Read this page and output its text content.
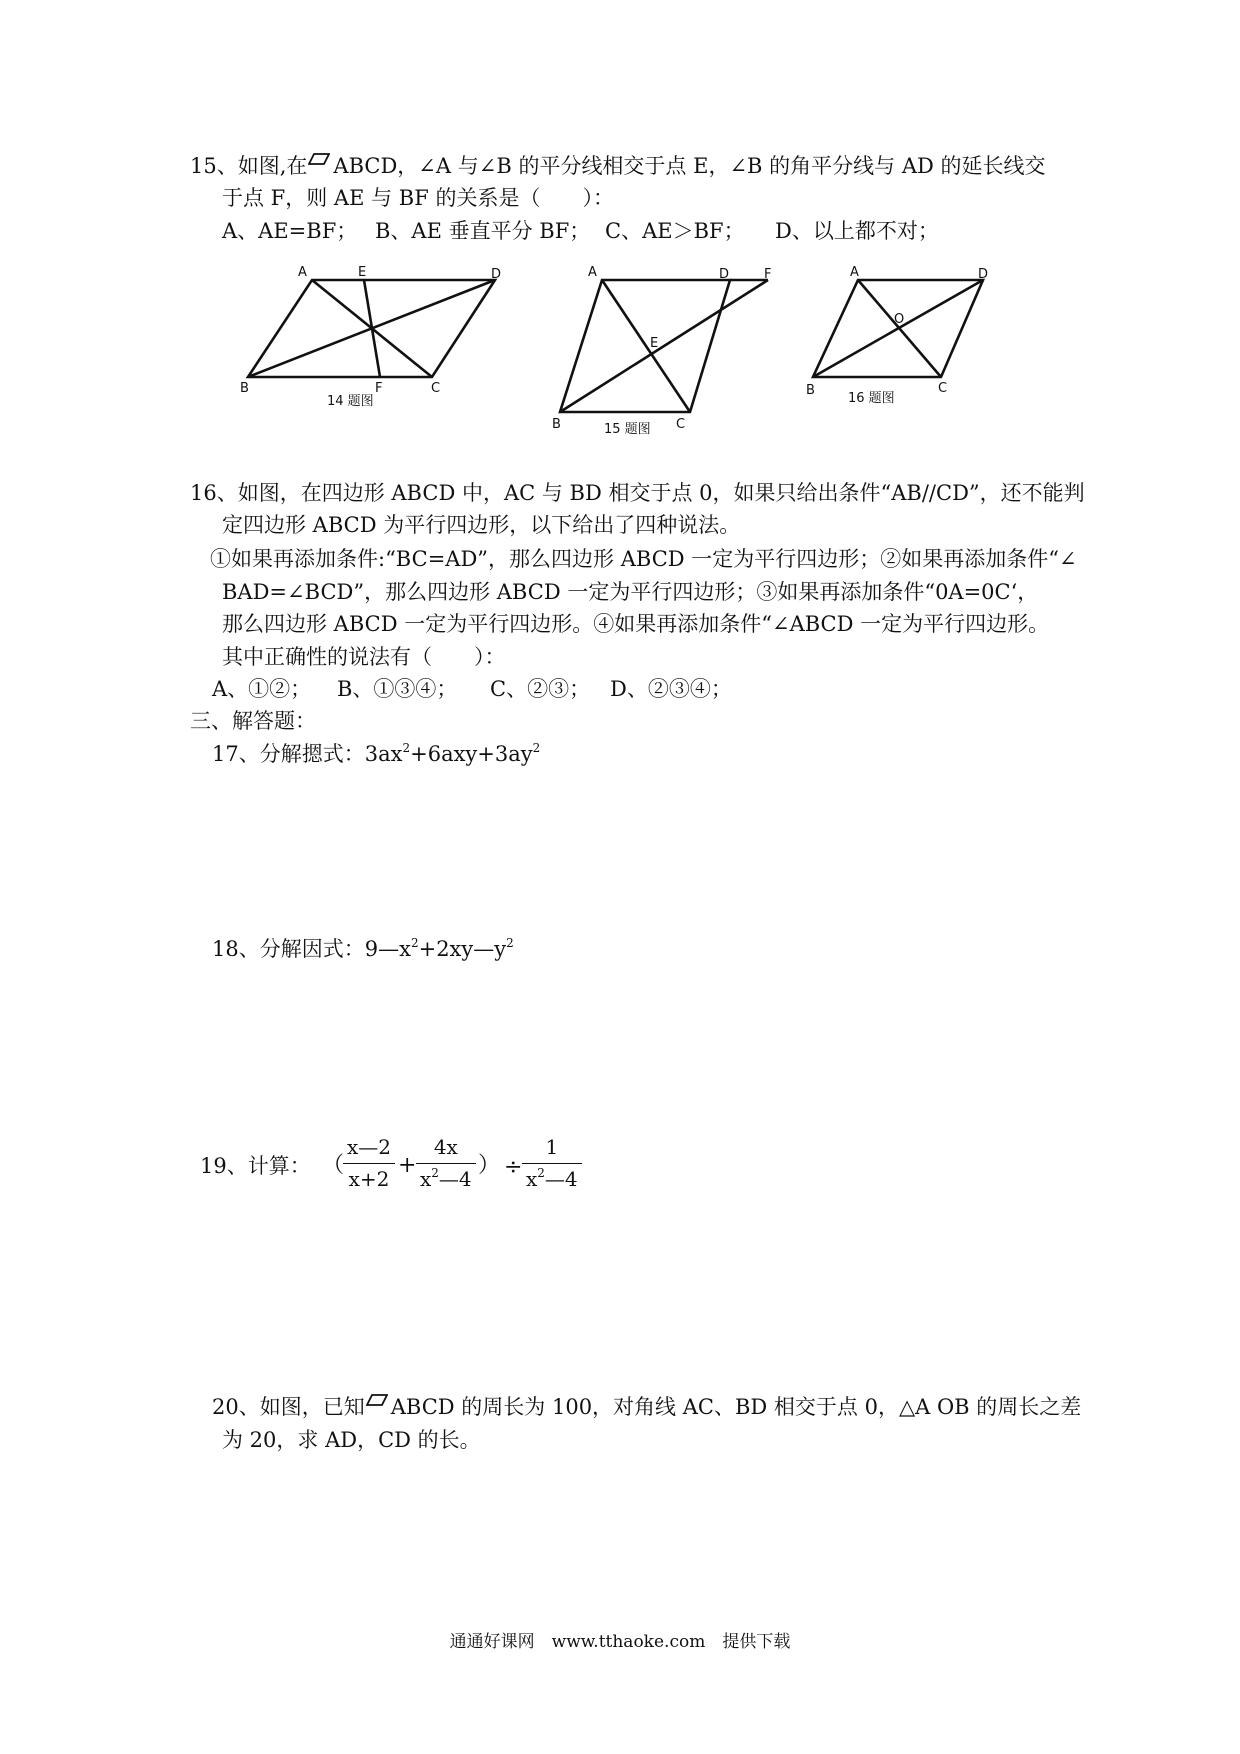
15、如图,在 ABCD，∠A 与∠B 的平分线相交于点 E，∠B 的角平分线与 AD 的延长线交
于点 F，则 AE 与 BF 的关系是（　　）：
A、AE=BF； B、AE 垂直平分 BF； C、AE＞BF； D、以上都不对；
A	E	D
B	F	C
14 题图
A	D	F
E
B	C
15 题图
A	D
O
B	C
16 题图
16、如图，在四边形 ABCD 中，AC 与 BD 相交于点 0，如果只给出条件“AB//CD”，还不能判
定四边形 ABCD 为平行四边形，以下给出了四种说法。
①如果再添加条件:“BC=AD”，那么四边形 ABCD 一定为平行四边形；②如果再添加条件“∠
BAD=∠BCD”，那么四边形 ABCD 一定为平行四边形；③如果再添加条件“0A=0C‘，
那么四边形 ABCD 一定为平行四边形。④如果再添加条件“∠ABCD 一定为平行四边形。
其中正确性的说法有（　　）：
A、①②； B、①③④； C、②③； D、②③④；
三、解答题：
17、分解摁式：$3ax^2+6axy+3ay^2$
18、分解因式：$9—x^2+2xy—y^2$
19、计算： （
$\frac{x—2}{x+2} + \frac{4x}{x^2—4}$ ） ÷ $\frac{1}{x^2—4}$
20、如图，已知 ABCD 的周长为 100，对角线 AC、BD 相交于点 0，△A OB 的周长之差
为 20，求 AD，CD 的长。
通通好课网　www.tthaoke.com　提供下载
